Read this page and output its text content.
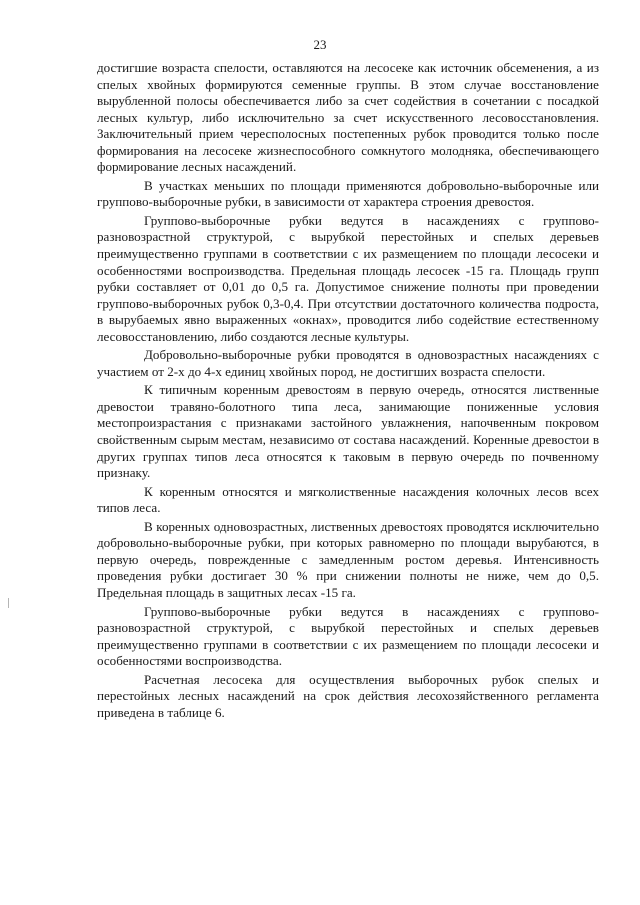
23

достигшие возраста спелости, оставляются на лесосеке как источник обсеменения, а из спелых хвойных формируются семенные группы. В этом случае восстановление вырубленной полосы обеспечивается либо за счет содействия в сочетании с посадкой лесных культур, либо исключительно за счет искусственного лесовосстановления. Заключительный прием чересполосных постепенных рубок проводится только после формирования на лесосеке жизнеспособного сомкнутого молодняка, обеспечивающего формирование лесных насаждений.

В участках меньших по площади применяются добровольно-выборочные или группово-выборочные рубки, в зависимости от характера строения древостоя.

Группово-выборочные рубки ведутся в насаждениях с группово-разновозрастной структурой, с вырубкой перестойных и спелых деревьев преимущественно группами в соответствии с их размещением по площади лесосеки и особенностями воспроизводства. Предельная площадь лесосек -15 га. Площадь групп рубки составляет от 0,01 до 0,5 га. Допустимое снижение полноты при проведении группово-выборочных рубок 0,3-0,4. При отсутствии достаточного количества подроста, в вырубаемых явно выраженных «окнах», проводится либо содействие естественному лесовосстановлению, либо создаются лесные культуры.

Добровольно-выборочные рубки проводятся в одновозрастных насаждениях с участием от 2-х до 4-х единиц хвойных пород, не достигших возраста спелости.

К типичным коренным древостоям в первую очередь, относятся лиственные древостои травяно-болотного типа леса, занимающие пониженные условия местопроизрастания с признаками застойного увлажнения, напочвенным покровом свойственным сырым местам, независимо от состава насаждений. Коренные древостои в других группах типов леса относятся к таковым в первую очередь по почвенному признаку.

К коренным относятся и мягколиственные насаждения колочных лесов всех типов леса.

В коренных одновозрастных, лиственных древостоях проводятся исключительно добровольно-выборочные рубки, при которых равномерно по площади вырубаются, в первую очередь, поврежденные с замедленным ростом деревья. Интенсивность проведения рубки достигает 30 % при снижении полноты не ниже, чем до 0,5. Предельная площадь в защитных лесах -15 га.

Группово-выборочные рубки ведутся в насаждениях с группово-разновозрастной структурой, с вырубкой перестойных и спелых деревьев преимущественно группами в соответствии с их размещением по площади лесосеки и особенностями воспроизводства.

Расчетная лесосека для осуществления выборочных рубок спелых и перестойных лесных насаждений на срок действия лесохозяйственного регламента приведена в таблице 6.
